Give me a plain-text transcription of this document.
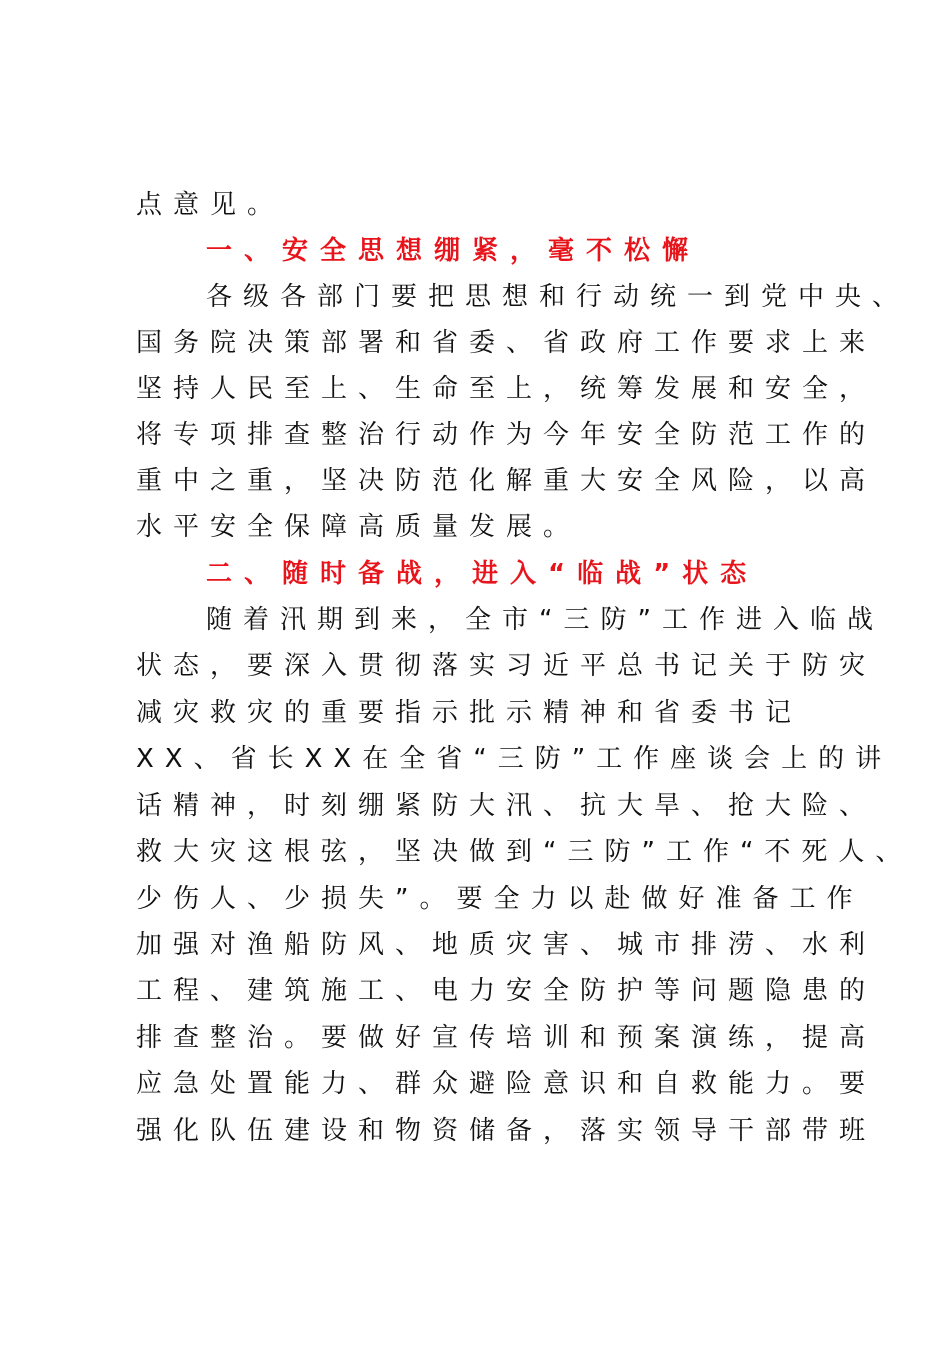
点意见。
一、安全思想绷紧，毫不松懈
各级各部门要把思想和行动统一到党中央、
国务院决策部署和省委、省政府工作要求上来
坚持人民至上、生命至上，统筹发展和安全，
将专项排查整治行动作为今年安全防范工作的
重中之重，坚决防范化解重大安全风险，以高
水平安全保障高质量发展。
二、随时备战，进入“临战”状态
随着汛期到来，全市“三防”工作进入临战
状态，要深入贯彻落实习近平总书记关于防灾
减灾救灾的重要指示批示精神和省委书记
XX、省长XX在全省“三防”工作座谈会上的讲
话精神，时刻绷紧防大汛、抗大旱、抢大险、
救大灾这根弦，坚决做到“三防”工作“不死人、
少伤人、少损失”。要全力以赴做好准备工作
加强对渔船防风、地质灾害、城市排涝、水利
工程、建筑施工、电力安全防护等问题隐患的
排查整治。要做好宣传培训和预案演练，提高
应急处置能力、群众避险意识和自救能力。要
强化队伍建设和物资储备，落实领导干部带班
